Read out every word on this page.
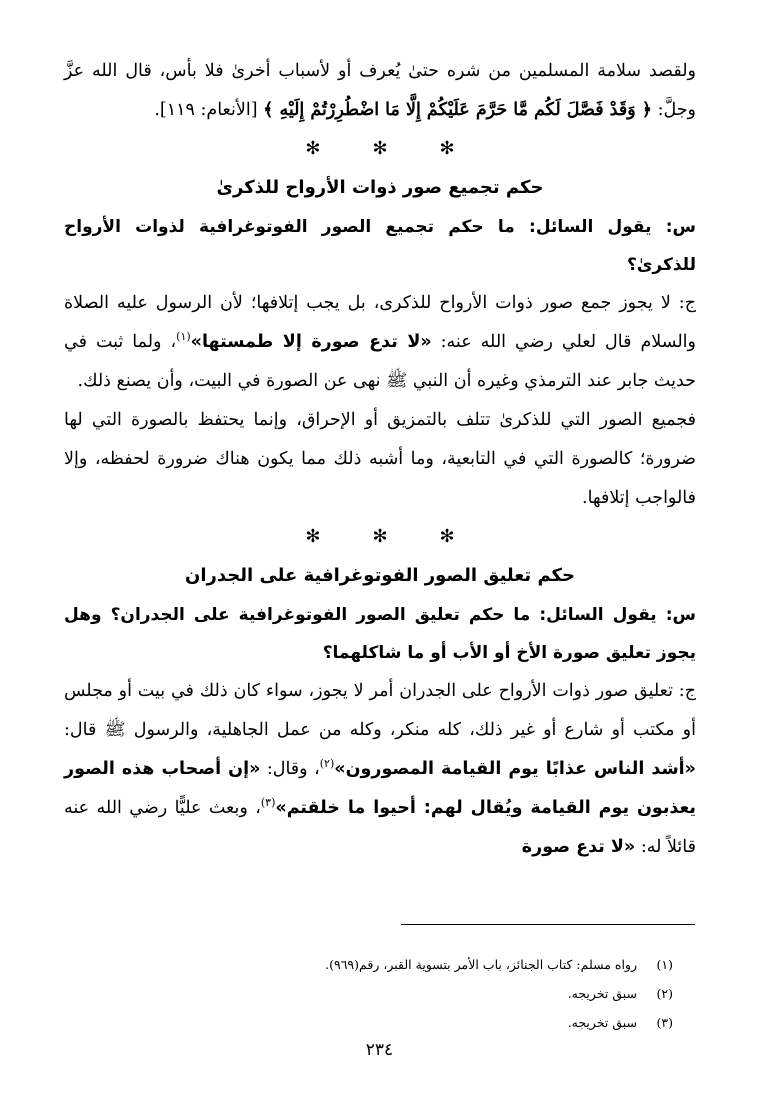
ولقصد سلامة المسلمين من شره حتىٰ يُعرف أو لأسباب أخرىٰ فلا بأس، قال الله عزَّ وجلَّ: ﴿ وَقَدْ فَصَّلَ لَكُم مَّا حَرَّمَ عَلَيْكُمْ إِلَّا مَا اضْطُرِرْتُمْ إِلَيْهِ ﴾ [الأنعام: ١١٩].

✻✻✻
حكم تجميع صور ذوات الأرواح للذكرىٰ

س: يقول السائل: ما حكم تجميع الصور الفوتوغرافية لذوات الأرواح للذكرىٰ؟

ج: لا يجوز جمع صور ذوات الأرواح للذكرى، بل يجب إتلافها؛ لأن الرسول عليه الصلاة والسلام قال لعلي رضي الله عنه: «لا تدع صورة إلا طمستها»$^{(١)}$، ولما ثبت في حديث جابر عند الترمذي وغيره أن النبي ﷺ نهى عن الصورة في البيت، وأن يصنع ذلك.

فجميع الصور التي للذكرىٰ تتلف بالتمزيق أو الإحراق، وإنما يحتفظ بالصورة التي لها ضرورة؛ كالصورة التي في التابعية، وما أشبه ذلك مما يكون هناك ضرورة لحفظه، وإلا فالواجب إتلافها.

✻✻✻
حكم تعليق الصور الفوتوغرافية على الجدران

س: يقول السائل: ما حكم تعليق الصور الفوتوغرافية على الجدران؟ وهل يجوز تعليق صورة الأخ أو الأب أو ما شاكلهما؟

ج: تعليق صور ذوات الأرواح على الجدران أمر لا يجوز، سواء كان ذلك في بيت أو مجلس أو مكتب أو شارع أو غير ذلك، كله منكر، وكله من عمل الجاهلية، والرسول ﷺ قال: «أشد الناس عذابًا يوم القيامة المصورون»$^{(٢)}$، وقال: «إن أصحاب هذه الصور يعذبون يوم القيامة ويُقال لهم: أحيوا ما خلقتم»$^{(٣)}$، وبعث عليًّا رضي الله عنه قائلاً له: «لا تدع صورة

(١)رواه مسلم: كتاب الجنائز، باب الأمر بتسوية القبر، رقم(٩٦٩).
(٢)سبق تخريجه.
(٣)سبق تخريجه.
٢٣٤
